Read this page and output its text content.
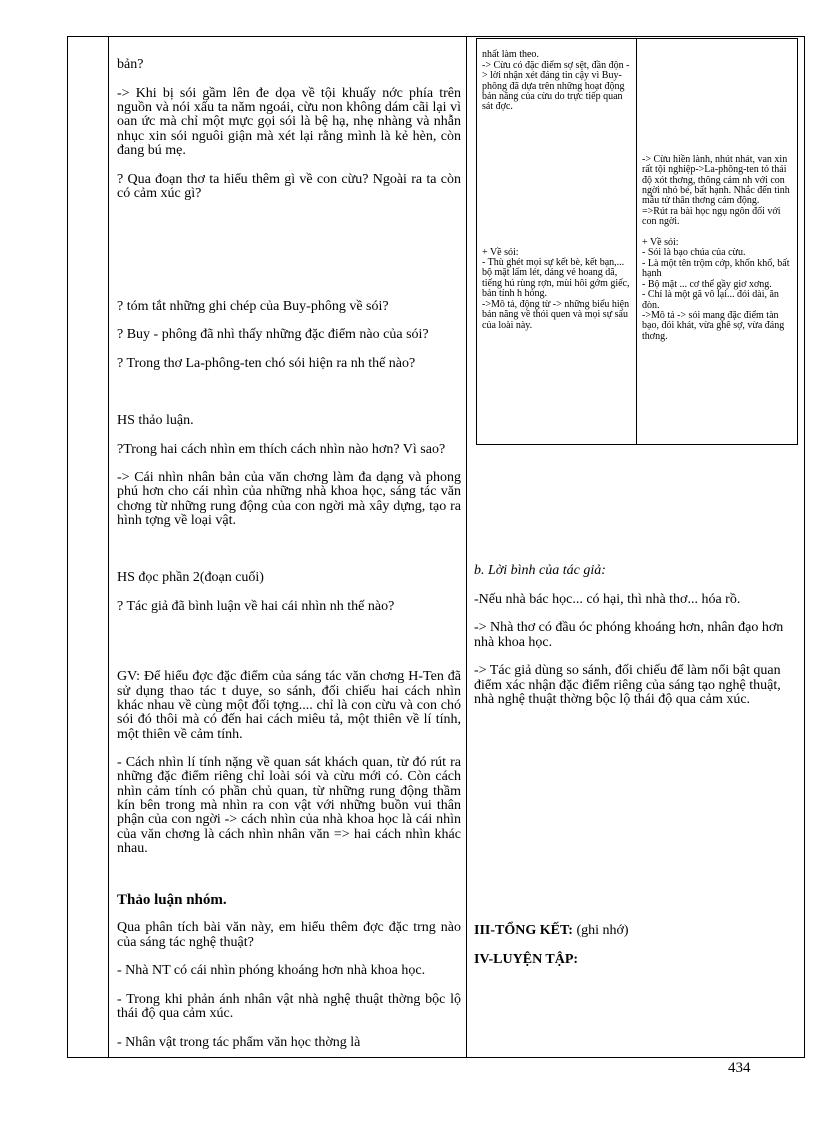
bản?

-> Khi bị sói gầm lên đe dọa về tội khuấy nớc phía trên nguồn và nói xấu ta năm ngoái, cừu non không dám cãi lại vì oan ức mà chỉ một mực gọi sói là bệ hạ, nhẹ nhàng và nhẫn nhục xin sói nguôi giận mà xét lại rằng mình là kẻ hèn, còn đang bú mẹ.

? Qua đoạn thơ ta hiểu thêm gì về con cừu? Ngoài ra ta còn có cảm xúc gì?

? tóm tắt những ghi chép của Buy-phông về sói?

? Buy - phông đã nhì thấy những đặc điểm nào của sói?

? Trong thơ La-phông-ten chó sói hiện ra nh thế nào?

HS thảo luận.

?Trong hai cách nhìn em thích cách nhìn nào hơn? Vì sao?

-> Cái nhìn nhân bản của văn chơng làm đa dạng và phong phú hơn cho cái nhìn của những nhà khoa học, sáng tác văn chơng từ những rung động của con ngời mà xây dựng, tạo ra hình tợng về loại vật.

HS đọc phần 2(đoạn cuối)

? Tác giả đã bình luận về hai cái nhìn nh thế nào?

GV: Để hiểu đợc đặc điểm của sáng tác văn chơng H-Ten đã sử dụng thao tác t duye, so sánh, đối chiếu hai cách nhìn khác nhau về cùng một đối tợng.... chỉ là con cừu và con chó sói đó thôi mà có đến hai cách miêu tả, một thiên về lí tính, một thiên về cảm tính.

- Cách nhìn lí tính nặng về quan sát khách quan, từ đó rút ra những đặc điểm riêng chỉ loài sói và cừu mới có. Còn cách nhìn cảm tính có phần chủ quan, từ những rung động thầm kín bên trong mà nhìn ra con vật với những buồn vui thân phận của con ngời -> cách nhìn của nhà khoa học là cái nhìn của văn chơng là cách nhìn nhân văn => hai cách nhìn khác nhau.

Thảo luận nhóm.

Qua phân tích bài văn này, em hiểu thêm đợc đặc trng nào của sáng tác nghệ thuật?

- Nhà NT có cái nhìn phóng khoáng hơn nhà khoa học.

- Trong khi phản ánh nhân vật nhà nghệ thuật thờng bộc lộ thái độ qua cảm xúc.

- Nhân vật trong tác phẩm văn học thờng là

nhất làm theo.
-> Cừu có đặc điểm sợ sệt, đần độn -> lời nhận xét đáng tin cậy vì Buy-phông đã dựa trên những hoạt động bản năng của cừu do trực tiếp quan sát đợc.

+ Về sói:
- Thù ghét mọi sự kết bè, kết bạn,... bộ mặt lấm lét, dáng vẻ hoang dã, tiếng hú rùng rợn, mùi hôi gớm giếc, bản tính h hỏng.
->Mô tả, động từ -> những biểu hiện bản năng về thói quen và mọi sự sấu của loài này.

-> Cừu hiền lành, nhút nhát, van xin rất tội nghiệp->La-phông-ten tỏ thái độ xót thơng, thông cảm nh với con ngời nhỏ bé, bất hạnh. Nhắc đến tình mẫu tử thân thơng cảm động.
=>Rút ra bài học ngụ ngôn đối với con ngời.

+ Về sói:
- Sói là bạo chúa của cừu.
- Là một tên trộm cớp, khốn khổ, bất hạnh
- Bộ mặt ... cơ thể gầy giơ xơng.
- Chỉ là một gã vô lại... đói dài, ăn đòn.
->Mô tả -> sói mang đặc điểm tàn bạo, đói khát, vừa ghê sợ, vừa đáng thơng.

b. Lời bình của tác giả:

-Nếu nhà bác học... có hại, thì nhà thơ... hóa rồ.

-> Nhà thơ có đầu óc phóng khoáng hơn, nhân đạo hơn nhà khoa học.

-> Tác giả dùng so sánh, đối chiếu để làm nổi bật quan điểm xác nhận đặc điểm riêng của sáng tạo nghệ thuật, nhà nghệ thuật thờng bộc lộ thái độ qua cảm xúc.

III-TỔNG KẾT: (ghi nhớ)

IV-LUYỆN TẬP:

434
